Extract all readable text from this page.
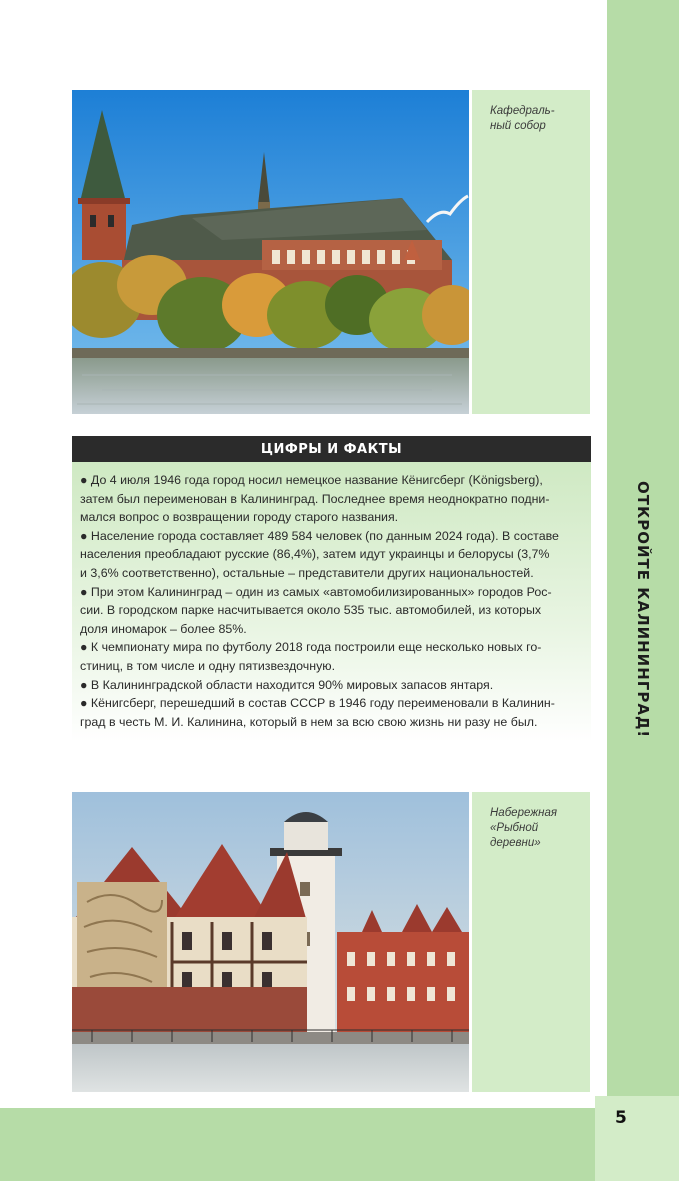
ОТКРОЙТЕ КАЛИНИНГРАД!

Кафедраль-
ный собор

ЦИФРЫ И ФАКТЫ
● До 4 июля 1946 года город носил немецкое название Кёнигсберг (Königsberg),
затем был переименован в Калининград. Последнее время неоднократно подни-
мался вопрос о возвращении городу старого названия.
● Население города составляет 489 584 человек (по данным 2024 года). В составе
населения преобладают русские (86,4%), затем идут украинцы и белорусы (3,7%
и 3,6% соответственно), остальные – представители других национальностей.
● При этом Калининград – один из самых «автомобилизированных» городов Рос-
сии. В городском парке насчитывается около 535 тыс. автомобилей, из которых
доля иномарок – более 85%.
● К чемпионату мира по футболу 2018 года построили еще несколько новых го-
стиниц, в том числе и одну пятизвездочную.
● В Калининградской области находится 90% мировых запасов янтаря.
● Кёнигсберг, перешедший в состав СССР в 1946 году переименовали в Калинин-
град в честь М. И. Калинина, который в нем за всю свою жизнь ни разу не был.

Набережная
«Рыбной
деревни»

5
